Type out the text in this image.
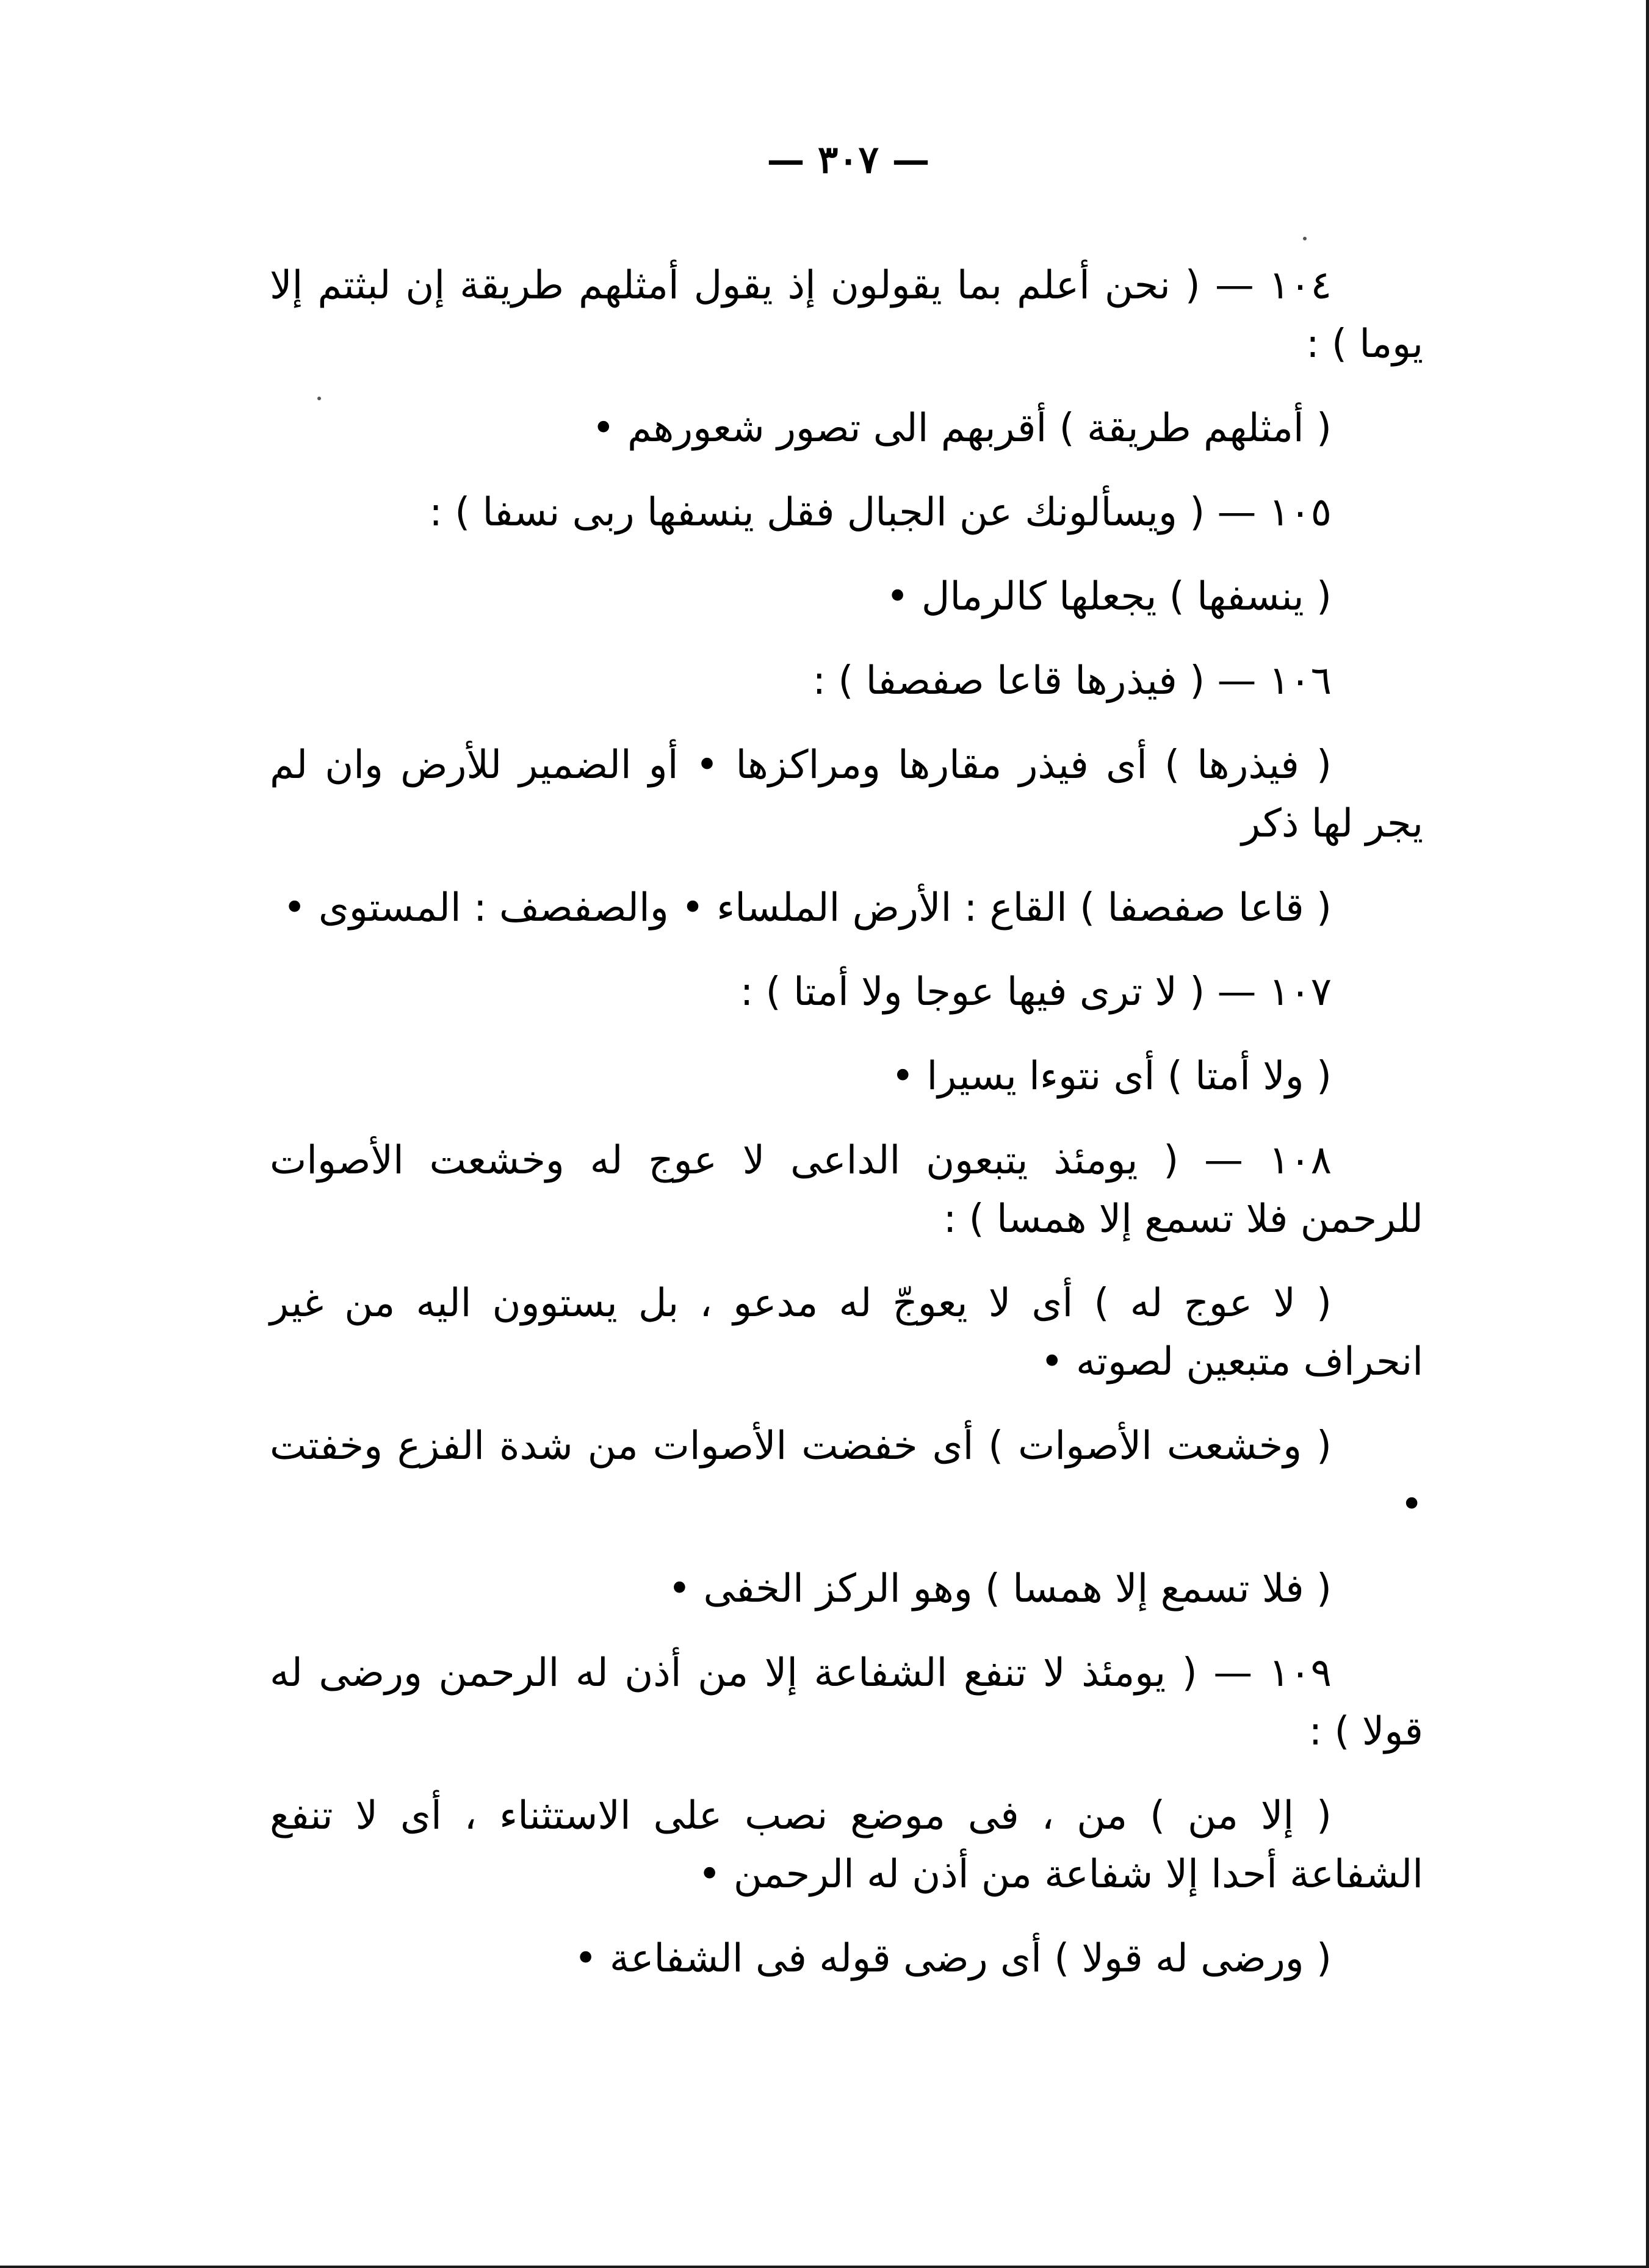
— ٣٠٧ —

١٠٤ — ( نحن أعلم بما يقولون إذ يقول أمثلهم طريقة إن لبثتم إلا يوما ) :

( أمثلهم طريقة ) أقربهم الى تصور شعورهم •

١٠٥ — ( ويسألونك عن الجبال فقل ينسفها ربى نسفا ) :

( ينسفها ) يجعلها كالرمال •

١٠٦ — ( فيذرها قاعا صفصفا ) :

( فيذرها ) أى فيذر مقارها ومراكزها • أو الضمير للأرض وان لم يجر لها ذكر

( قاعا صفصفا ) القاع : الأرض الملساء • والصفصف : المستوى •

١٠٧ — ( لا ترى فيها عوجا ولا أمتا ) :

( ولا أمتا ) أى نتوءا يسيرا •

١٠٨ — ( يومئذ يتبعون الداعى لا عوج له وخشعت الأصوات للرحمن فلا تسمع إلا همسا ) :

( لا عوج له ) أى لا يعوجّ له مدعو ، بل يستوون اليه من غير انحراف متبعين لصوته •

( وخشعت الأصوات ) أى خفضت الأصوات من شدة الفزع وخفتت •

( فلا تسمع إلا همسا ) وهو الركز الخفى •

١٠٩ — ( يومئذ لا تنفع الشفاعة إلا من أذن له الرحمن ورضى له قولا ) :

( إلا من ) من ، فى موضع نصب على الاستثناء ، أى لا تنفع الشفاعة أحدا إلا شفاعة من أذن له الرحمن •

( ورضى له قولا ) أى رضى قوله فى الشفاعة •
